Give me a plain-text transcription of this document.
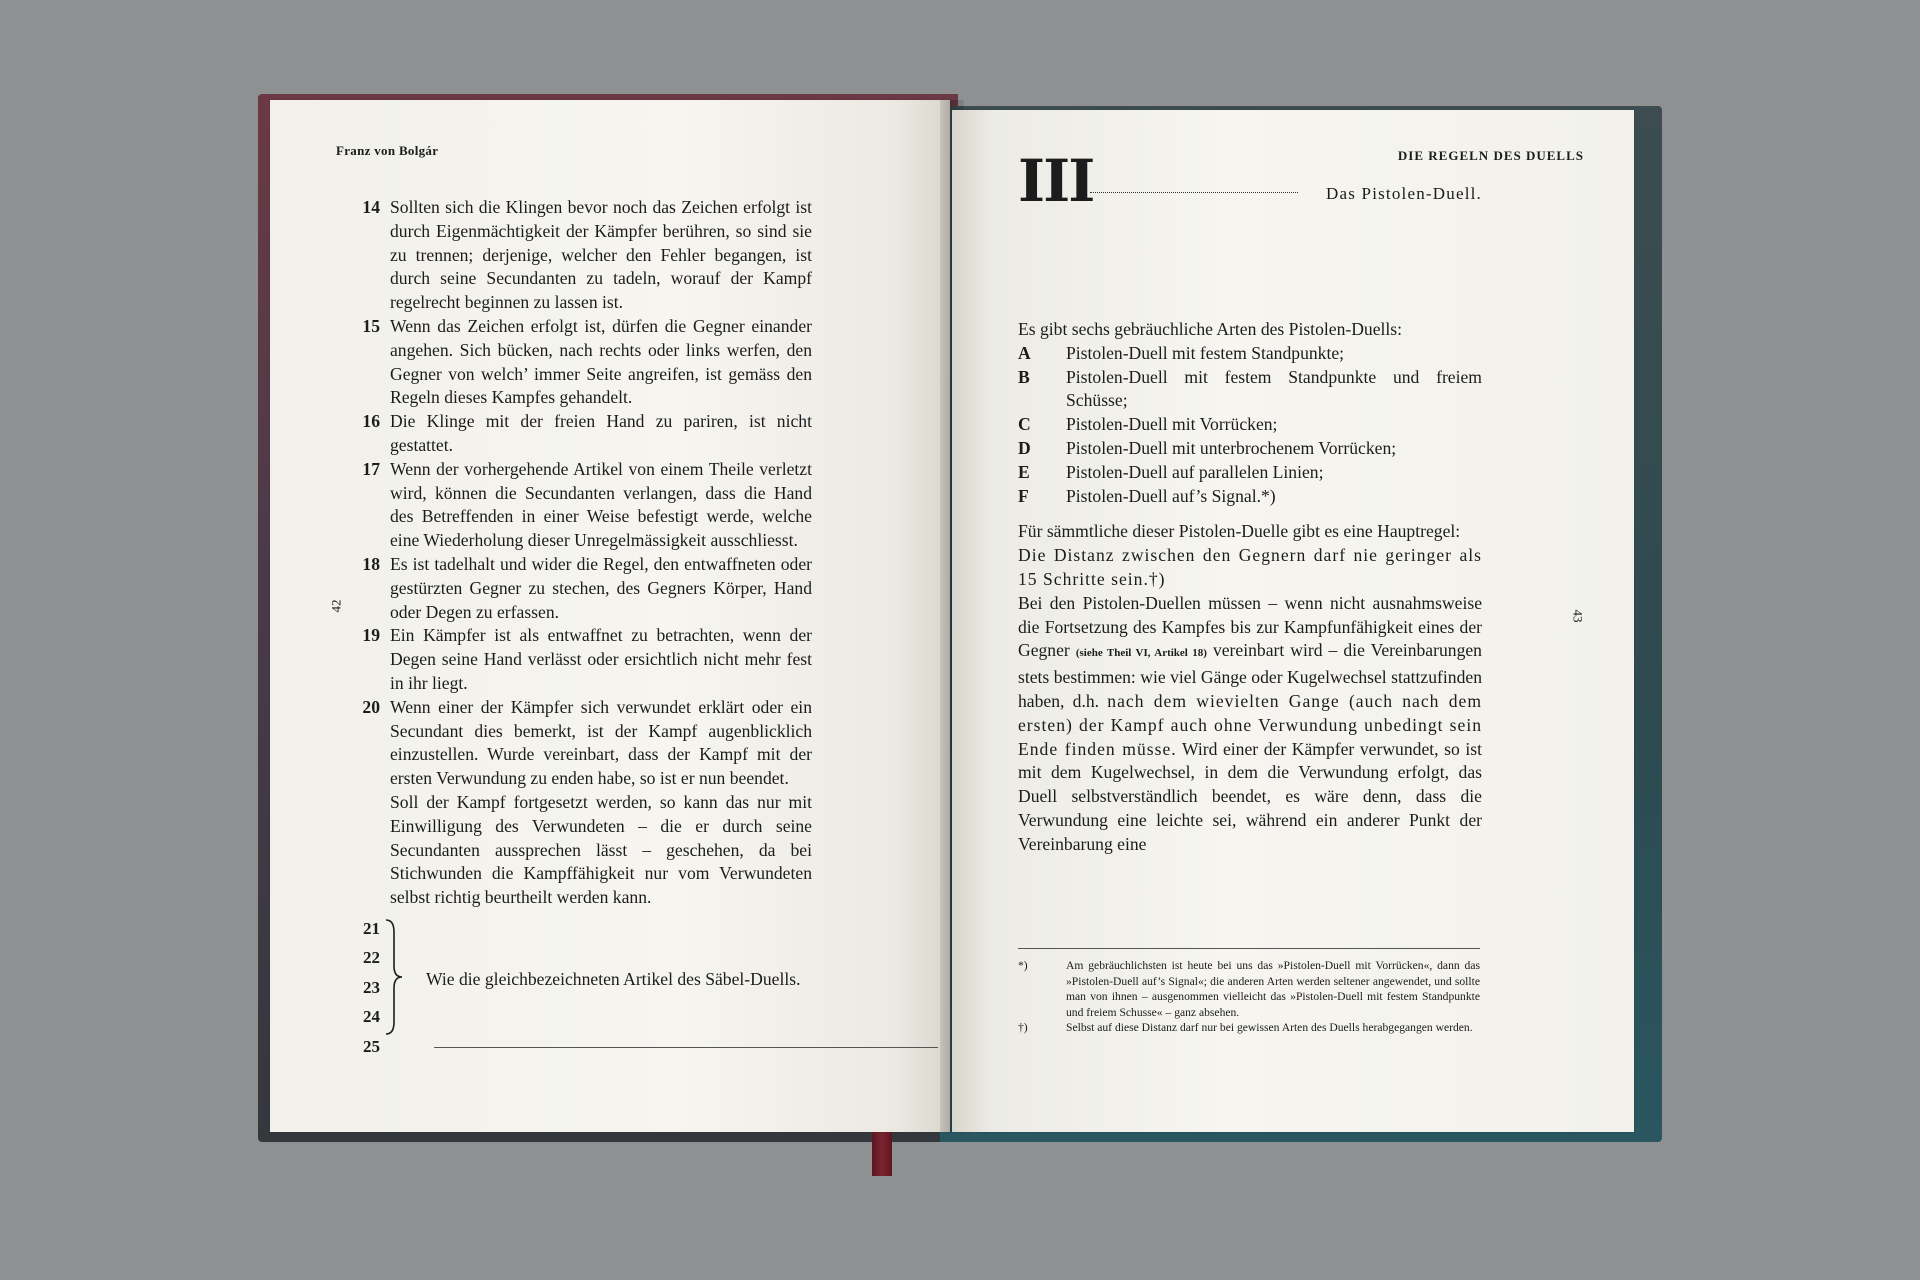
Franz von Bolgár
42
14 Sollten sich die Klingen bevor noch das Zeichen erfolgt ist durch Eigenmächtigkeit der Kämpfer berühren, so sind sie zu trennen; derjenige, welcher den Fehler begangen, ist durch seine Secundanten zu tadeln, worauf der Kampf regelrecht beginnen zu lassen ist.
15 Wenn das Zeichen erfolgt ist, dürfen die Gegner einander angehen. Sich bücken, nach rechts oder links werfen, den Gegner von welch’ immer Seite angreifen, ist gemäss den Regeln dieses Kampfes gehandelt.
16 Die Klinge mit der freien Hand zu pariren, ist nicht gestattet.
17 Wenn der vorhergehende Artikel von einem Theile verletzt wird, können die Secundanten verlangen, dass die Hand des Betreffenden in einer Weise befestigt werde, welche eine Wiederholung dieser Unregelmässigkeit ausschliesst.
18 Es ist tadelhalt und wider die Regel, den entwaffneten oder gestürzten Gegner zu stechen, des Gegners Körper, Hand oder Degen zu erfassen.
19 Ein Kämpfer ist als entwaffnet zu betrachten, wenn der Degen seine Hand verlässt oder ersichtlich nicht mehr fest in ihr liegt.
20 Wenn einer der Kämpfer sich verwundet erklärt oder ein Secundant dies bemerkt, ist der Kampf augenblicklich einzustellen. Wurde vereinbart, dass der Kampf mit der ersten Verwundung zu enden habe, so ist er nun beendet.
Soll der Kampf fortgesetzt werden, so kann das nur mit Einwilligung des Verwundeten – die er durch seine Secundanten aussprechen lässt – geschehen, da bei Stichwunden die Kampffähigkeit nur vom Verwundeten selbst richtig beurtheilt werden kann.
21
22
23
24
25
Wie die gleichbezeichneten Artikel des Säbel-Duells.
DIE REGELN DES DUELLS
43
III	Das Pistolen-Duell.
Es gibt sechs gebräuchliche Arten des Pistolen-Duells:
A	Pistolen-Duell mit festem Standpunkte;
B	Pistolen-Duell mit festem Standpunkte und freiem Schüsse;
C	Pistolen-Duell mit Vorrücken;
D	Pistolen-Duell mit unterbrochenem Vorrücken;
E	Pistolen-Duell auf parallelen Linien;
F	Pistolen-Duell auf’s Signal.*)
Für sämmtliche dieser Pistolen-Duelle gibt es eine Hauptregel:
Die Distanz zwischen den Gegnern darf nie geringer als 15 Schritte sein.†)
Bei den Pistolen-Duellen müssen – wenn nicht ausnahmsweise die Fortsetzung des Kampfes bis zur Kampfunfähigkeit eines der Gegner (siehe Theil VI, Artikel 18) vereinbart wird – die Vereinbarungen stets bestimmen: wie viel Gänge oder Kugelwechsel stattzufinden haben, d.h. nach dem wievielten Gange (auch nach dem ersten) der Kampf auch ohne Verwundung unbedingt sein Ende finden müsse. Wird einer der Kämpfer verwundet, so ist mit dem Kugelwechsel, in dem die Verwundung erfolgt, das Duell selbstverständlich beendet, es wäre denn, dass die Verwundung eine leichte sei, während ein anderer Punkt der Vereinbarung eine
*)	Am gebräuchlichsten ist heute bei uns das »Pistolen-Duell mit Vorrücken«, dann das »Pistolen-Duell auf’s Signal«; die anderen Arten werden seltener angewendet, und sollte man von ihnen – ausgenommen vielleicht das »Pistolen-Duell mit festem Standpunkte und freiem Schusse« – ganz absehen.
†)	Selbst auf diese Distanz darf nur bei gewissen Arten des Duells herabgegangen werden.
